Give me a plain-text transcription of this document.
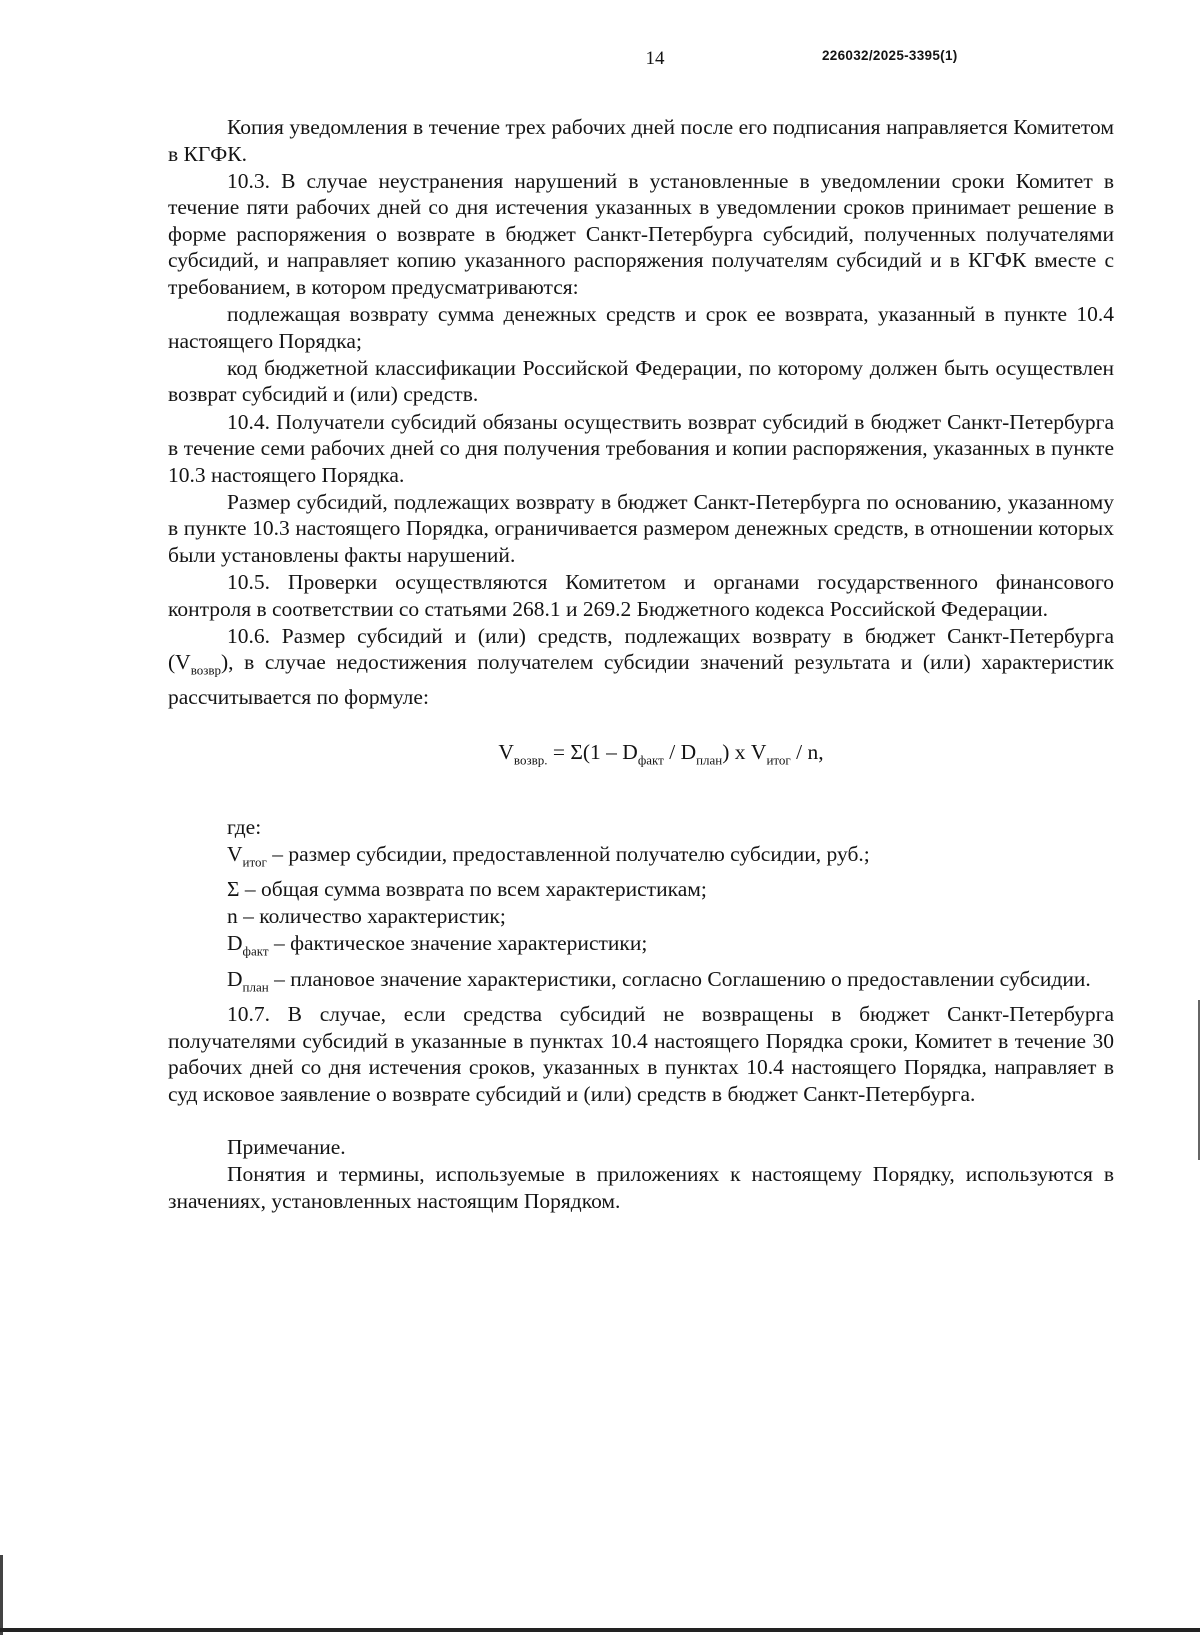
14	226032/2025-3395(1)

Копия уведомления в течение трех рабочих дней после его подписания направляется Комитетом в КГФК.

10.3. В случае неустранения нарушений в установленные в уведомлении сроки Комитет в течение пяти рабочих дней со дня истечения указанных в уведомлении сроков принимает решение в форме распоряжения о возврате в бюджет Санкт-Петербурга субсидий, полученных получателями субсидий, и направляет копию указанного распоряжения получателям субсидий и в КГФК вместе с требованием, в котором предусматриваются:

подлежащая возврату сумма денежных средств и срок ее возврата, указанный в пункте 10.4 настоящего Порядка;

код бюджетной классификации Российской Федерации, по которому должен быть осуществлен возврат субсидий и (или) средств.

10.4. Получатели субсидий обязаны осуществить возврат субсидий в бюджет Санкт-Петербурга в течение семи рабочих дней со дня получения требования и копии распоряжения, указанных в пункте 10.3 настоящего Порядка.

Размер субсидий, подлежащих возврату в бюджет Санкт-Петербурга по основанию, указанному в пункте 10.3 настоящего Порядка, ограничивается размером денежных средств, в отношении которых были установлены факты нарушений.

10.5. Проверки осуществляются Комитетом и органами государственного финансового контроля в соответствии со статьями 268.1 и 269.2 Бюджетного кодекса Российской Федерации.

10.6. Размер субсидий и (или) средств, подлежащих возврату в бюджет Санкт-Петербурга $(V_{возвр})$, в случае недостижения получателем субсидии значений результата и (или) характеристик рассчитывается по формуле:

$V_{возвр.} = \Sigma(1 - D_{факт} / D_{план})$ х $V_{итог}$ / n,

где:

$V_{итог}$ – размер субсидии, предоставленной получателю субсидии, руб.;

Σ – общая сумма возврата по всем характеристикам;

n – количество характеристик;

$D_{факт}$ – фактическое значение характеристики;

$D_{план}$ – плановое значение характеристики, согласно Соглашению о предоставлении субсидии.

10.7. В случае, если средства субсидий не возвращены в бюджет Санкт-Петербурга получателями субсидий в указанные в пунктах 10.4 настоящего Порядка сроки, Комитет в течение 30 рабочих дней со дня истечения сроков, указанных в пунктах 10.4 настоящего Порядка, направляет в суд исковое заявление о возврате субсидий и (или) средств в бюджет Санкт-Петербурга.

Примечание.

Понятия и термины, используемые в приложениях к настоящему Порядку, используются в значениях, установленных настоящим Порядком.
